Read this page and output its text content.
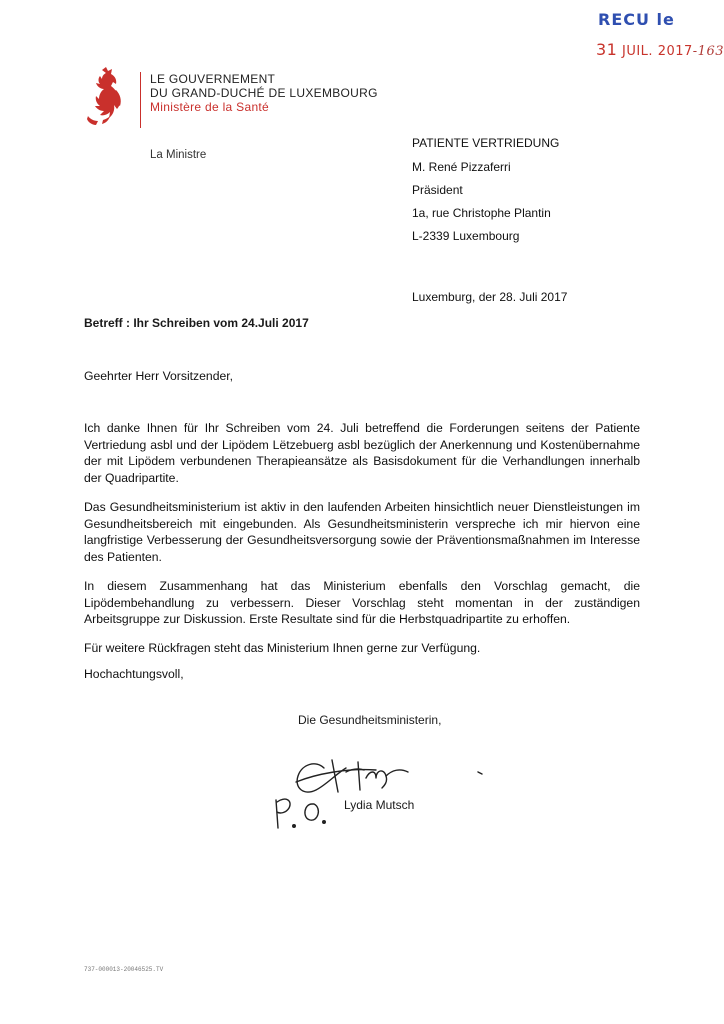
RECU le
31 JUIL. 2017-163
LE GOUVERNEMENT
DU GRAND-DUCHÉ DE LUXEMBOURG
Ministère de la Santé
La Ministre
PATIENTE VERTRIEDUNG
M. René Pizzaferri
Präsident
1a, rue Christophe Plantin
L-2339 Luxembourg
Luxemburg, der 28. Juli 2017
Betreff : Ihr Schreiben vom 24.Juli 2017
Geehrter Herr Vorsitzender,
Ich danke Ihnen für Ihr Schreiben vom 24. Juli betreffend die Forderungen seitens der Patiente Vertriedung asbl und der Lipödem Lëtzebuerg asbl bezüglich der Anerkennung und Kostenübernahme der mit Lipödem verbundenen Therapieansätze als Basisdokument für die Verhandlungen innerhalb der Quadripartite.
Das Gesundheitsministerium ist aktiv in den laufenden Arbeiten hinsichtlich neuer Dienstleistungen im Gesundheitsbereich mit eingebunden. Als Gesundheitsministerin verspreche ich mir hiervon eine langfristige Verbesserung der Gesundheitsversorgung sowie der Präventionsmaßnahmen im Interesse des Patienten.
In diesem Zusammenhang hat das Ministerium ebenfalls den Vorschlag gemacht, die Lipödembehandlung zu verbessern. Dieser Vorschlag steht momentan in der zuständigen Arbeitsgruppe zur Diskussion. Erste Resultate sind für die Herbstquadripartite zu erhoffen.
Für weitere Rückfragen steht das Ministerium Ihnen gerne zur Verfügung.
Hochachtungsvoll,
Die Gesundheitsministerin,
Lydia Mutsch
737-000013-20046525.TV
